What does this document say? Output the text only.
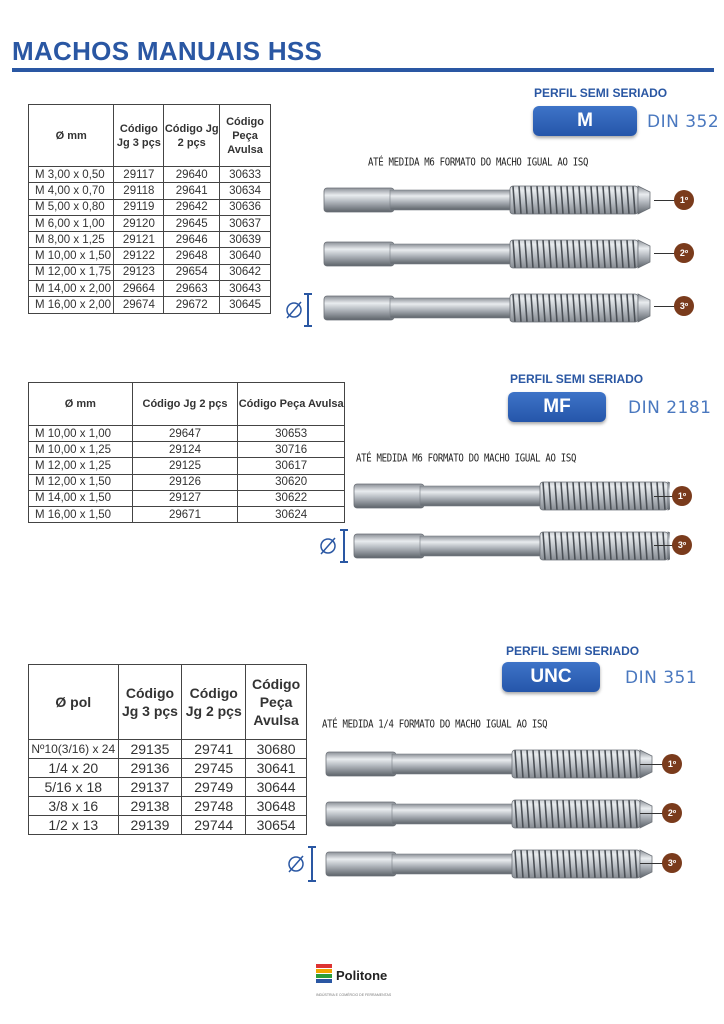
MACHOS MANUAIS HSS
Ø mm	Código Jg 3 pçs	Código Jg 2 pçs	Código Peça Avulsa
M 3,00 x 0,50	29117	29640	30633
M 4,00 x 0,70	29118	29641	30634
M 5,00 x 0,80	29119	29642	30636
M 6,00 x 1,00	29120	29645	30637
M 8,00 x 1,25	29121	29646	30639
M 10,00 x 1,50	29122	29648	30640
M 12,00 x 1,75	29123	29654	30642
M 14,00 x 2,00	29664	29663	30643
M 16,00 x 2,00	29674	29672	30645
PERFIL SEMI SERIADO
M	DIN 352
ATÉ MEDIDA M6 FORMATO DO MACHO IGUAL AO ISQ
1º
2º
3º
Ø mm	Código Jg 2 pçs	Código Peça Avulsa
M 10,00 x 1,00	29647	30653
M 10,00 x 1,25	29124	30716
M 12,00 x 1,25	29125	30617
M 12,00 x 1,50	29126	30620
M 14,00 x 1,50	29127	30622
M 16,00 x 1,50	29671	30624
PERFIL SEMI SERIADO
MF	DIN 2181
ATÉ MEDIDA M6 FORMATO DO MACHO IGUAL AO ISQ
1º
3º
Ø pol	Código Jg 3 pçs	Código Jg 2 pçs	Código Peça Avulsa
Nº10(3/16) x 24	29135	29741	30680
1/4 x 20	29136	29745	30641
5/16 x 18	29137	29749	30644
3/8 x 16	29138	29748	30648
1/2 x 13	29139	29744	30654
PERFIL SEMI SERIADO
UNC	DIN 351
ATÉ MEDIDA 1/4 FORMATO DO MACHO IGUAL AO ISQ
1º
2º
3º
Politone
INDÚSTRIA E COMÉRCIO DE FERRAMENTAS
